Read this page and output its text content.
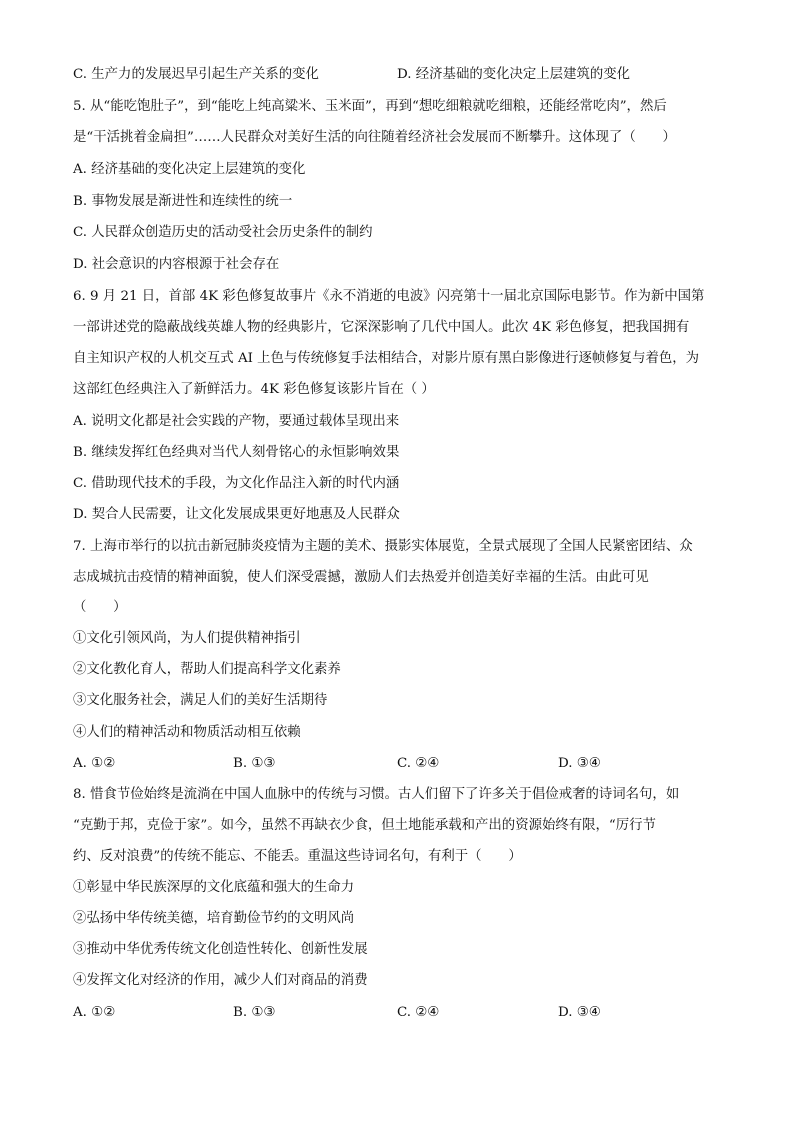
C. 生产力的发展迟早引起生产关系的变化	D. 经济基础的变化决定上层建筑的变化
5. 从“能吃饱肚子”，到“能吃上纯高粱米、玉米面”，再到“想吃细粮就吃细粮，还能经常吃肉”，然后
是“干活挑着金扁担”……人民群众对美好生活的向往随着经济社会发展而不断攀升。这体现了（　　）
A. 经济基础的变化决定上层建筑的变化
B. 事物发展是渐进性和连续性的统一
C. 人民群众创造历史的活动受社会历史条件的制约
D. 社会意识的内容根源于社会存在
6. 9 月 21 日，首部 4K 彩色修复故事片《永不消逝的电波》闪亮第十一届北京国际电影节。作为新中国第
一部讲述党的隐蔽战线英雄人物的经典影片，它深深影响了几代中国人。此次 4K 彩色修复，把我国拥有
自主知识产权的人机交互式 AI 上色与传统修复手法相结合，对影片原有黑白影像进行逐帧修复与着色，为
这部红色经典注入了新鲜活力。4K 彩色修复该影片旨在（ ）
A. 说明文化都是社会实践的产物，要通过载体呈现出来
B. 继续发挥红色经典对当代人刻骨铭心的永恒影响效果
C. 借助现代技术的手段，为文化作品注入新的时代内涵
D. 契合人民需要，让文化发展成果更好地惠及人民群众
7. 上海市举行的以抗击新冠肺炎疫情为主题的美术、摄影实体展览，全景式展现了全国人民紧密团结、众
志成城抗击疫情的精神面貌，使人们深受震撼，激励人们去热爱并创造美好幸福的生活。由此可见
（　　）
①文化引领风尚，为人们提供精神指引
②文化教化育人，帮助人们提高科学文化素养
③文化服务社会，满足人们的美好生活期待
④人们的精神活动和物质活动相互依赖
A. ①②	B. ①③	C. ②④	D. ③④
8. 惜食节俭始终是流淌在中国人血脉中的传统与习惯。古人们留下了许多关于倡俭戒奢的诗词名句，如
“克勤于邦，克俭于家”。如今，虽然不再缺衣少食，但土地能承载和产出的资源始终有限，“厉行节
约、反对浪费”的传统不能忘、不能丢。重温这些诗词名句，有利于（　　）
①彰显中华民族深厚的文化底蕴和强大的生命力
②弘扬中华传统美德，培育勤俭节约的文明风尚
③推动中华优秀传统文化创造性转化、创新性发展
④发挥文化对经济的作用，减少人们对商品的消费
A. ①②	B. ①③	C. ②④	D. ③④
